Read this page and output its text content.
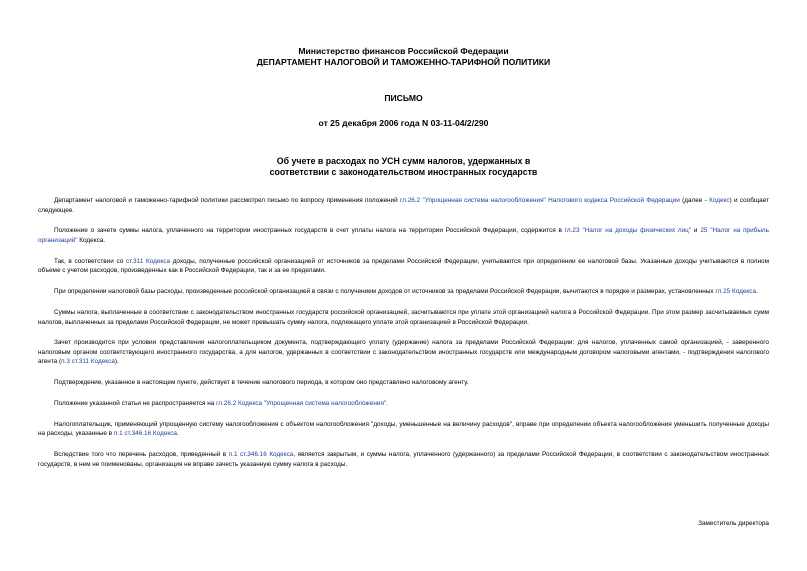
Министерство финансов Российской Федерации
ДЕПАРТАМЕНТ НАЛОГОВОЙ И ТАМОЖЕННО-ТАРИФНОЙ ПОЛИТИКИ
ПИСЬМО
от 25 декабря 2006 года N 03-11-04/2/290
Об учете в расходах по УСН сумм налогов, удержанных в
соответствии с законодательством иностранных государств

Департамент налоговой и таможенно-тарифной политики рассмотрел письмо по вопросу применения положений гл.26.2 "Упрощенная система налогообложения" Налогового кодекса Российской Федерации (далее - Кодекс) и сообщает следующее.

Положение о зачете суммы налога, уплаченного на территории иностранных государств в счет уплаты налога на территории Российской Федерации, содержится в гл.23 "Налог на доходы физических лиц" и 25 "Налог на прибыль организаций" Кодекса.

Так, в соответствии со ст.311 Кодекса доходы, полученные российской организацией от источников за пределами Российской Федерации, учитываются при определении ее налоговой базы. Указанные доходы учитываются в полном объеме с учетом расходов, произведенных как в Российской Федерации, так и за ее пределами.

При определении налоговой базы расходы, произведенные российской организацией в связи с получением доходов от источников за пределами Российской Федерации, вычитаются в порядке и размерах, установленных гл.25 Кодекса.

Суммы налога, выплаченные в соответствии с законодательством иностранных государств российской организацией, засчитываются при уплате этой организацией налога в Российской Федерации. При этом размер засчитываемых сумм налогов, выплаченных за пределами Российской Федерации, не может превышать сумму налога, подлежащего уплате этой организацией в Российской Федерации.

Зачет производится при условии представления налогоплательщиком документа, подтверждающего уплату (удержание) налога за пределами Российской Федерации: для налогов, уплаченных самой организацией, - заверенного налоговым органом соответствующего иностранного государства, а для налогов, удержанных в соответствии с законодательством иностранных государств или международным договором налоговыми агентами, - подтверждения налогового агента (п.3 ст.311 Кодекса).

Подтверждение, указанное в настоящем пункте, действует в течение налогового периода, в котором оно представлено налоговому агенту.

Положение указанной статьи не распространяется на гл.26.2 Кодекса "Упрощенная система налогообложения".

Налогоплательщик, применяющий упрощенную систему налогообложения с объектом налогообложения "доходы, уменьшенные на величину расходов", вправе при определении объекта налогообложения уменьшить полученные доходы на расходы, указанные в п.1 ст.346.16 Кодекса.

Вследствие того что перечень расходов, приведенный в п.1 ст.346.16 Кодекса, является закрытым, и суммы налога, уплаченного (удержанного) за пределами Российской Федерации, в соответствии с законодательством иностранных государств, в нем не поименованы, организация не вправе зачесть указанную сумму налога в расходы.

Заместитель директора
